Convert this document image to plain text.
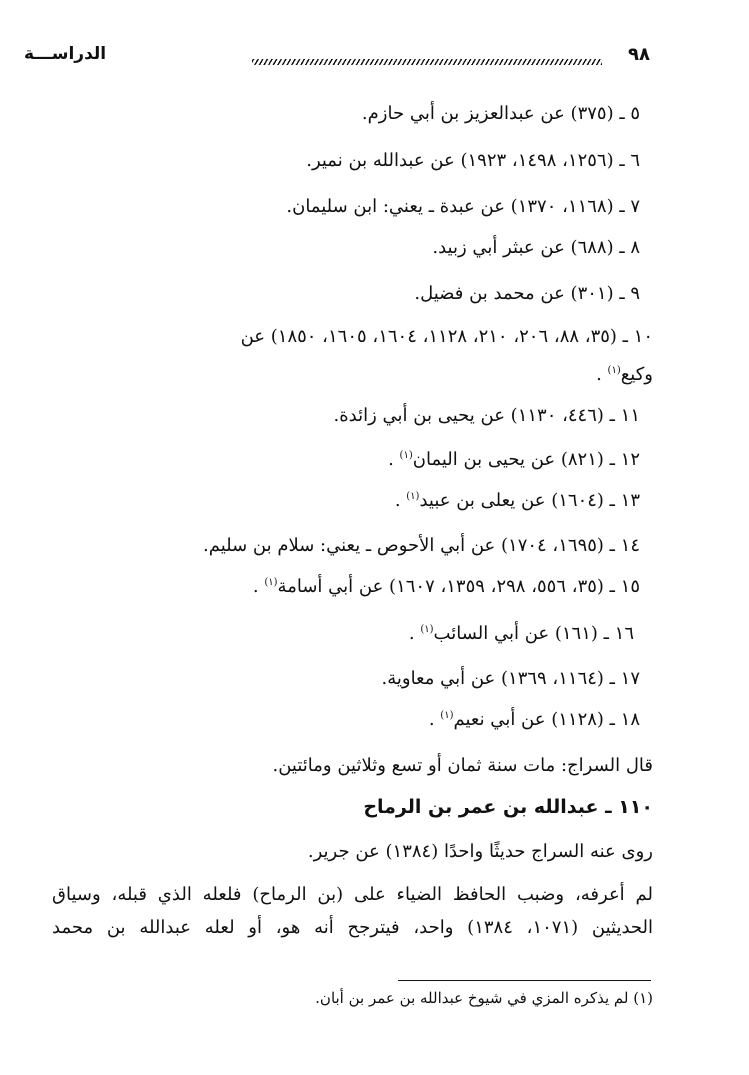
٩٨
الدراســـة
٥ ـ (٣٧٥) عن عبدالعزيز بن أبي حازم.
٦ ـ (١٢٥٦، ١٤٩٨، ١٩٢٣) عن عبدالله بن نمير.
٧ ـ (١١٦٨، ١٣٧٠) عن عبدة ـ يعني: ابن سليمان.
٨ ـ (٦٨٨) عن عبثر أبي زبيد.
٩ ـ (٣٠١) عن محمد بن فضيل.
١٠ ـ (٣٥، ٨٨، ٢٠٦، ٢١٠، ١١٢٨، ١٦٠٤، ١٦٠٥، ١٨٥٠) عن
وكيع$^{(١)}$ .
١١ ـ (٤٤٦، ١١٣٠) عن يحيى بن أبي زائدة.
١٢ ـ (٨٢١) عن يحيى بن اليمان$^{(١)}$ .
١٣ ـ (١٦٠٤) عن يعلى بن عبيد$^{(١)}$ .
١٤ ـ (١٦٩٥، ١٧٠٤) عن أبي الأحوص ـ يعني: سلام بن سليم.
١٥ ـ (٣٥، ٥٥٦، ٢٩٨، ١٣٥٩، ١٦٠٧) عن أبي أسامة$^{(١)}$ .
١٦ ـ (١٦١) عن أبي السائب$^{(١)}$ .
١٧ ـ (١١٦٤، ١٣٦٩) عن أبي معاوية.
١٨ ـ (١١٢٨) عن أبي نعيم$^{(١)}$ .
قال السراج: مات سنة ثمان أو تسع وثلاثين ومائتين.
١١٠ ـ عبدالله بن عمر بن الرماح
روى عنه السراج حديثًا واحدًا (١٣٨٤) عن جرير.
لم أعرفه، وضبب الحافظ الضياء على (بن الرماح) فلعله الذي قبله، وسياق
الحديثين (١٠٧١، ١٣٨٤) واحد، فيترجح أنه هو، أو لعله عبدالله بن محمد
(١) لم يذكره المزي في شيوخ عبدالله بن عمر بن أبان.
